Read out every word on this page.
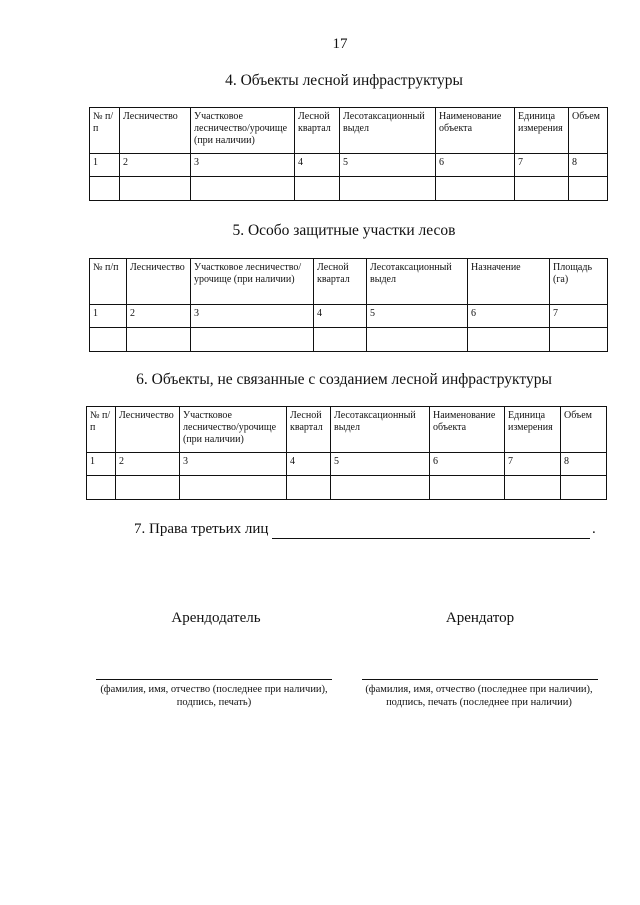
17
4. Объекты лесной инфраструктуры
№ п/п	Лесничество	Участковое лесничество/урочище (при наличии)	Лесной квартал	Лесотаксационный выдел	Наименование объекта	Единица измерения	Объем
1	2	3	4	5	6	7	8

5. Особо защитные участки лесов
№ п/п	Лесничество	Участковое лесничество/урочище (при наличии)	Лесной квартал	Лесотаксационный выдел	Назначение	Площадь (га)
1	2	3	4	5	6	7

6. Объекты, не связанные с созданием лесной инфраструктуры
№ п/п	Лесничество	Участковое лесничество/урочище (при наличии)	Лесной квартал	Лесотаксационный выдел	Наименование объекта	Единица измерения	Объем
1	2	3	4	5	6	7	8

7. Права третьих лиц	.
Арендодатель	Арендатор
(фамилия, имя, отчество (последнее при наличии),
подпись, печать)
(фамилия, имя, отчество (последнее при наличии),
подпись, печать (последнее при наличии)
